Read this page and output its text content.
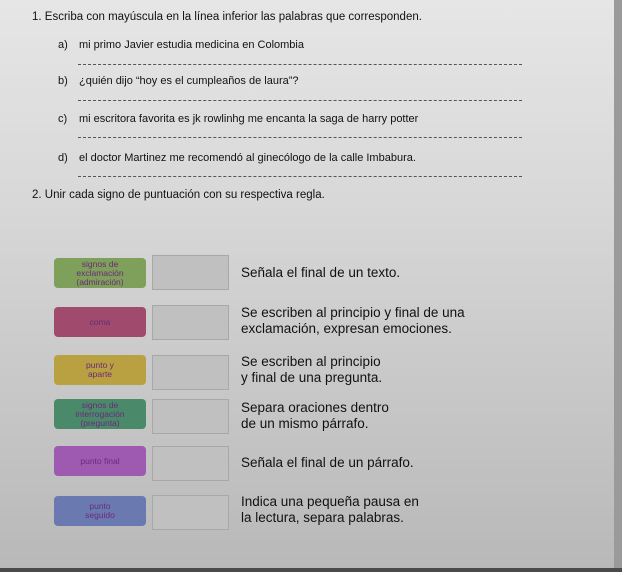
1. Escriba con mayúscula en la línea inferior las palabras que corresponden.
a) mi primo Javier estudia medicina en Colombia
b) ¿quién dijo “hoy es el cumpleaños de laura”?
c) mi escritora favorita es jk rowlinhg me encanta la saga de harry potter
d) el doctor Martinez me recomendó al ginecólogo de la calle Imbabura.
2. Unir cada signo de puntuación con su respectiva regla.
signos de
exclamación
(admiración)
Señala el final de un texto.
coma
Se escriben al principio y final de una
exclamación, expresan emociones.
punto y
aparte
Se escriben al principio
y final de una pregunta.
signos de
interrogación
(pregunta)
Separa oraciones dentro
de un mismo párrafo.
punto final	Señala el final de un párrafo.
punto
seguido
Indica una pequeña pausa en
la lectura, separa palabras.
